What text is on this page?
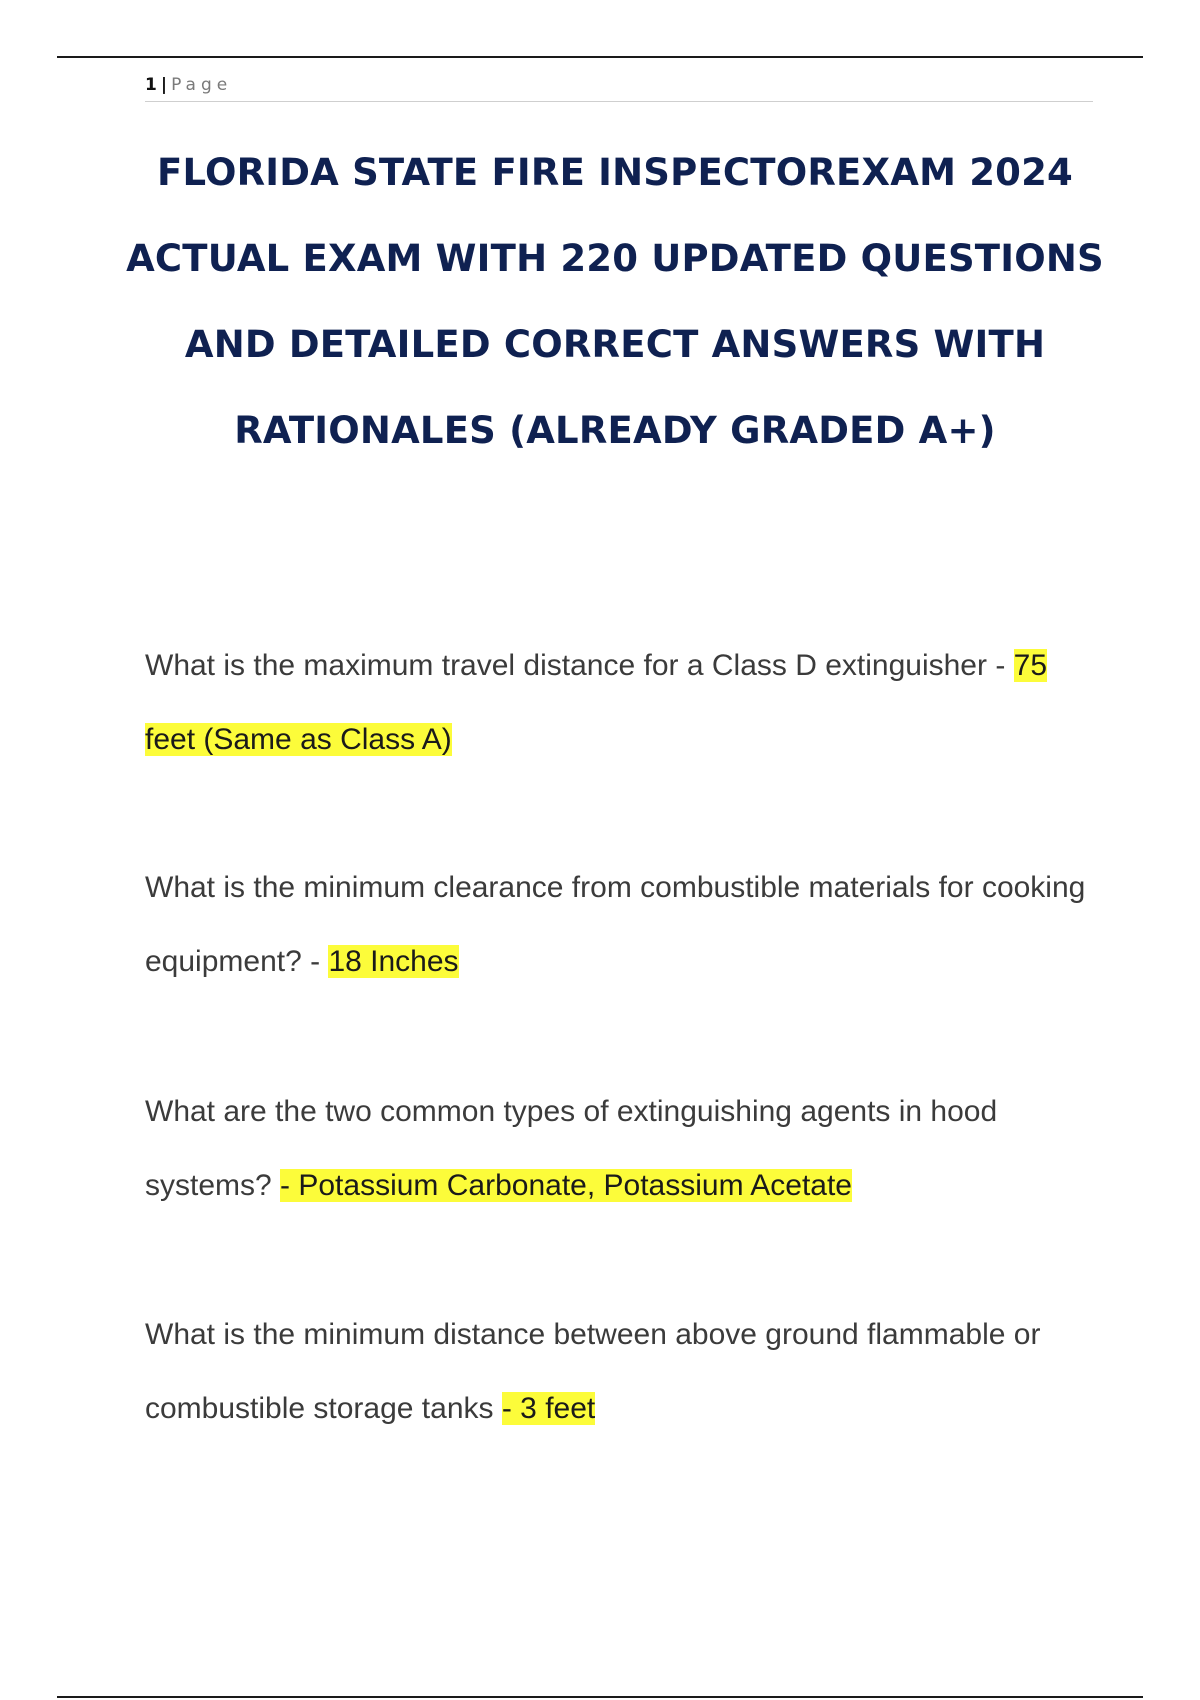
1 | Page
FLORIDA STATE FIRE INSPECTOREXAM 2024 ACTUAL EXAM WITH 220 UPDATED QUESTIONS AND DETAILED CORRECT ANSWERS WITH RATIONALES (ALREADY GRADED A+)

What is the maximum travel distance for a Class D extinguisher - 75 feet (Same as Class A)

What is the minimum clearance from combustible materials for cooking equipment? - 18 Inches

What are the two common types of extinguishing agents in hood systems? - Potassium Carbonate, Potassium Acetate

What is the minimum distance between above ground flammable or combustible storage tanks - 3 feet
